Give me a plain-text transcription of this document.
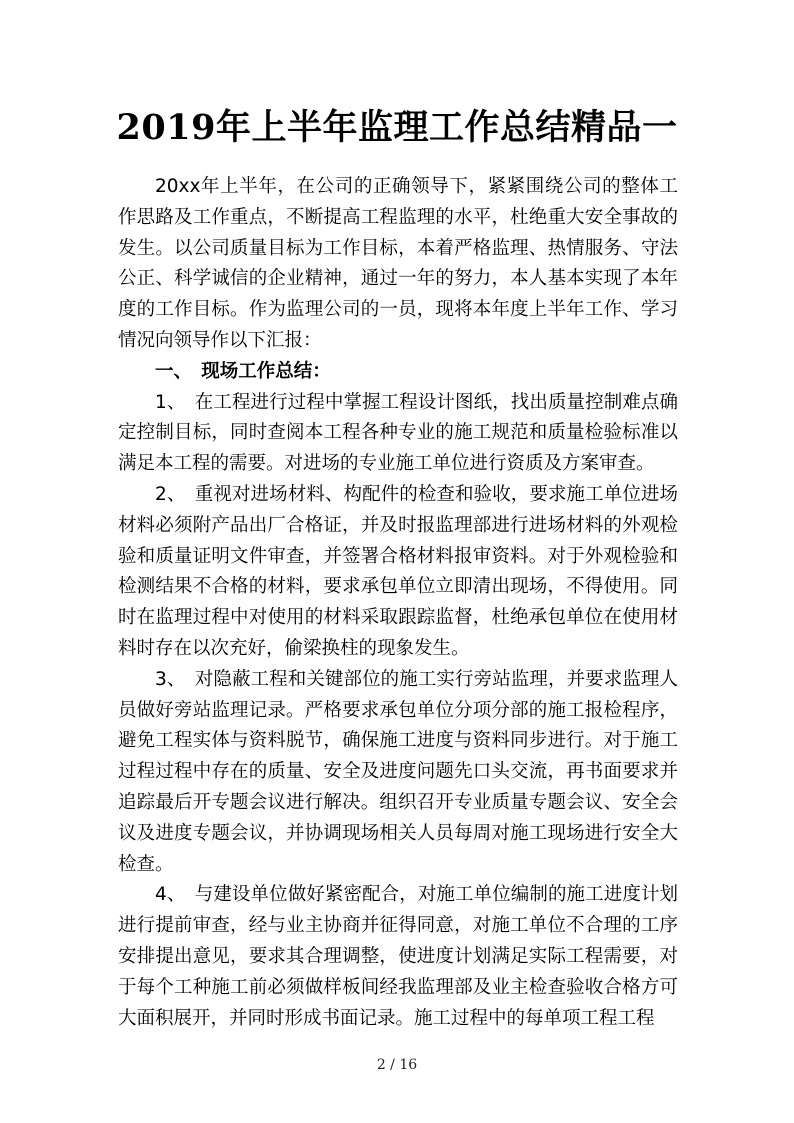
2019年上半年监理工作总结精品一

20xx年上半年，在公司的正确领导下，紧紧围绕公司的整体工作思路及工作重点，不断提高工程监理的水平，杜绝重大安全事故的发生。以公司质量目标为工作目标，本着严格监理、热情服务、守法公正、科学诚信的企业精神，通过一年的努力，本人基本实现了本年度的工作目标。作为监理公司的一员，现将本年度上半年工作、学习情况向领导作以下汇报：

一、　现场工作总结：

1、　在工程进行过程中掌握工程设计图纸，找出质量控制难点确定控制目标，同时查阅本工程各种专业的施工规范和质量检验标准以满足本工程的需要。对进场的专业施工单位进行资质及方案审查。

2、　重视对进场材料、构配件的检查和验收，要求施工单位进场材料必须附产品出厂合格证，并及时报监理部进行进场材料的外观检验和质量证明文件审查，并签署合格材料报审资料。对于外观检验和检测结果不合格的材料，要求承包单位立即清出现场，不得使用。同时在监理过程中对使用的材料采取跟踪监督，杜绝承包单位在使用材料时存在以次充好，偷梁换柱的现象发生。

3、　对隐蔽工程和关键部位的施工实行旁站监理，并要求监理人员做好旁站监理记录。严格要求承包单位分项分部的施工报检程序，避免工程实体与资料脱节，确保施工进度与资料同步进行。对于施工过程过程中存在的质量、安全及进度问题先口头交流，再书面要求并追踪最后开专题会议进行解决。组织召开专业质量专题会议、安全会议及进度专题会议，并协调现场相关人员每周对施工现场进行安全大检查。

4、　与建设单位做好紧密配合，对施工单位编制的施工进度计划进行提前审查，经与业主协商并征得同意，对施工单位不合理的工序安排提出意见，要求其合理调整，使进度计划满足实际工程需要，对于每个工种施工前必须做样板间经我监理部及业主检查验收合格方可大面积展开，并同时形成书面记录。施工过程中的每单项工程工程

2 / 16
